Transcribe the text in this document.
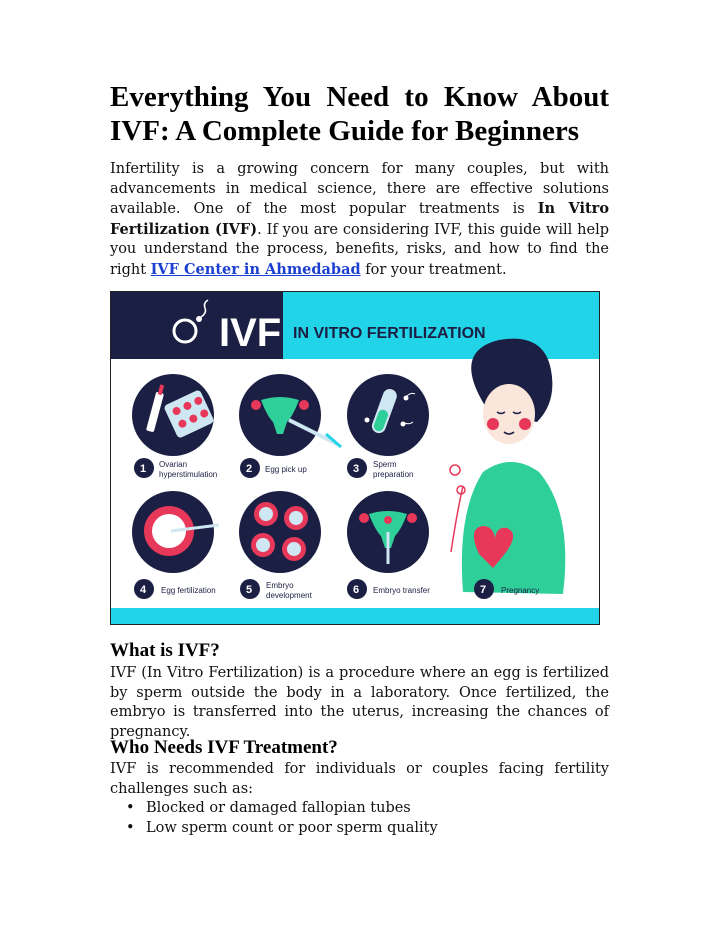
Everything You Need to Know About IVF: A Complete Guide for Beginners

Infertility is a growing concern for many couples, but with advancements in medical science, there are effective solutions available. One of the most popular treatments is In Vitro Fertilization (IVF). If you are considering IVF, this guide will help you understand the process, benefits, risks, and how to find the right IVF Center in Ahmedabad for your treatment.

IVF IN VITRO FERTILIZATION
1 Ovarian
hyperstimulation	2 Egg pick up	3 Sperm
preparation
4 Egg fertilization	5 Embryo
development	6 Embryo transfer	7 Pregnancy
What is IVF?

IVF (In Vitro Fertilization) is a procedure where an egg is fertilized by sperm outside the body in a laboratory. Once fertilized, the embryo is transferred into the uterus, increasing the chances of pregnancy.

Who Needs IVF Treatment?

IVF is recommended for individuals or couples facing fertility challenges such as:

• Blocked or damaged fallopian tubes
• Low sperm count or poor sperm quality
